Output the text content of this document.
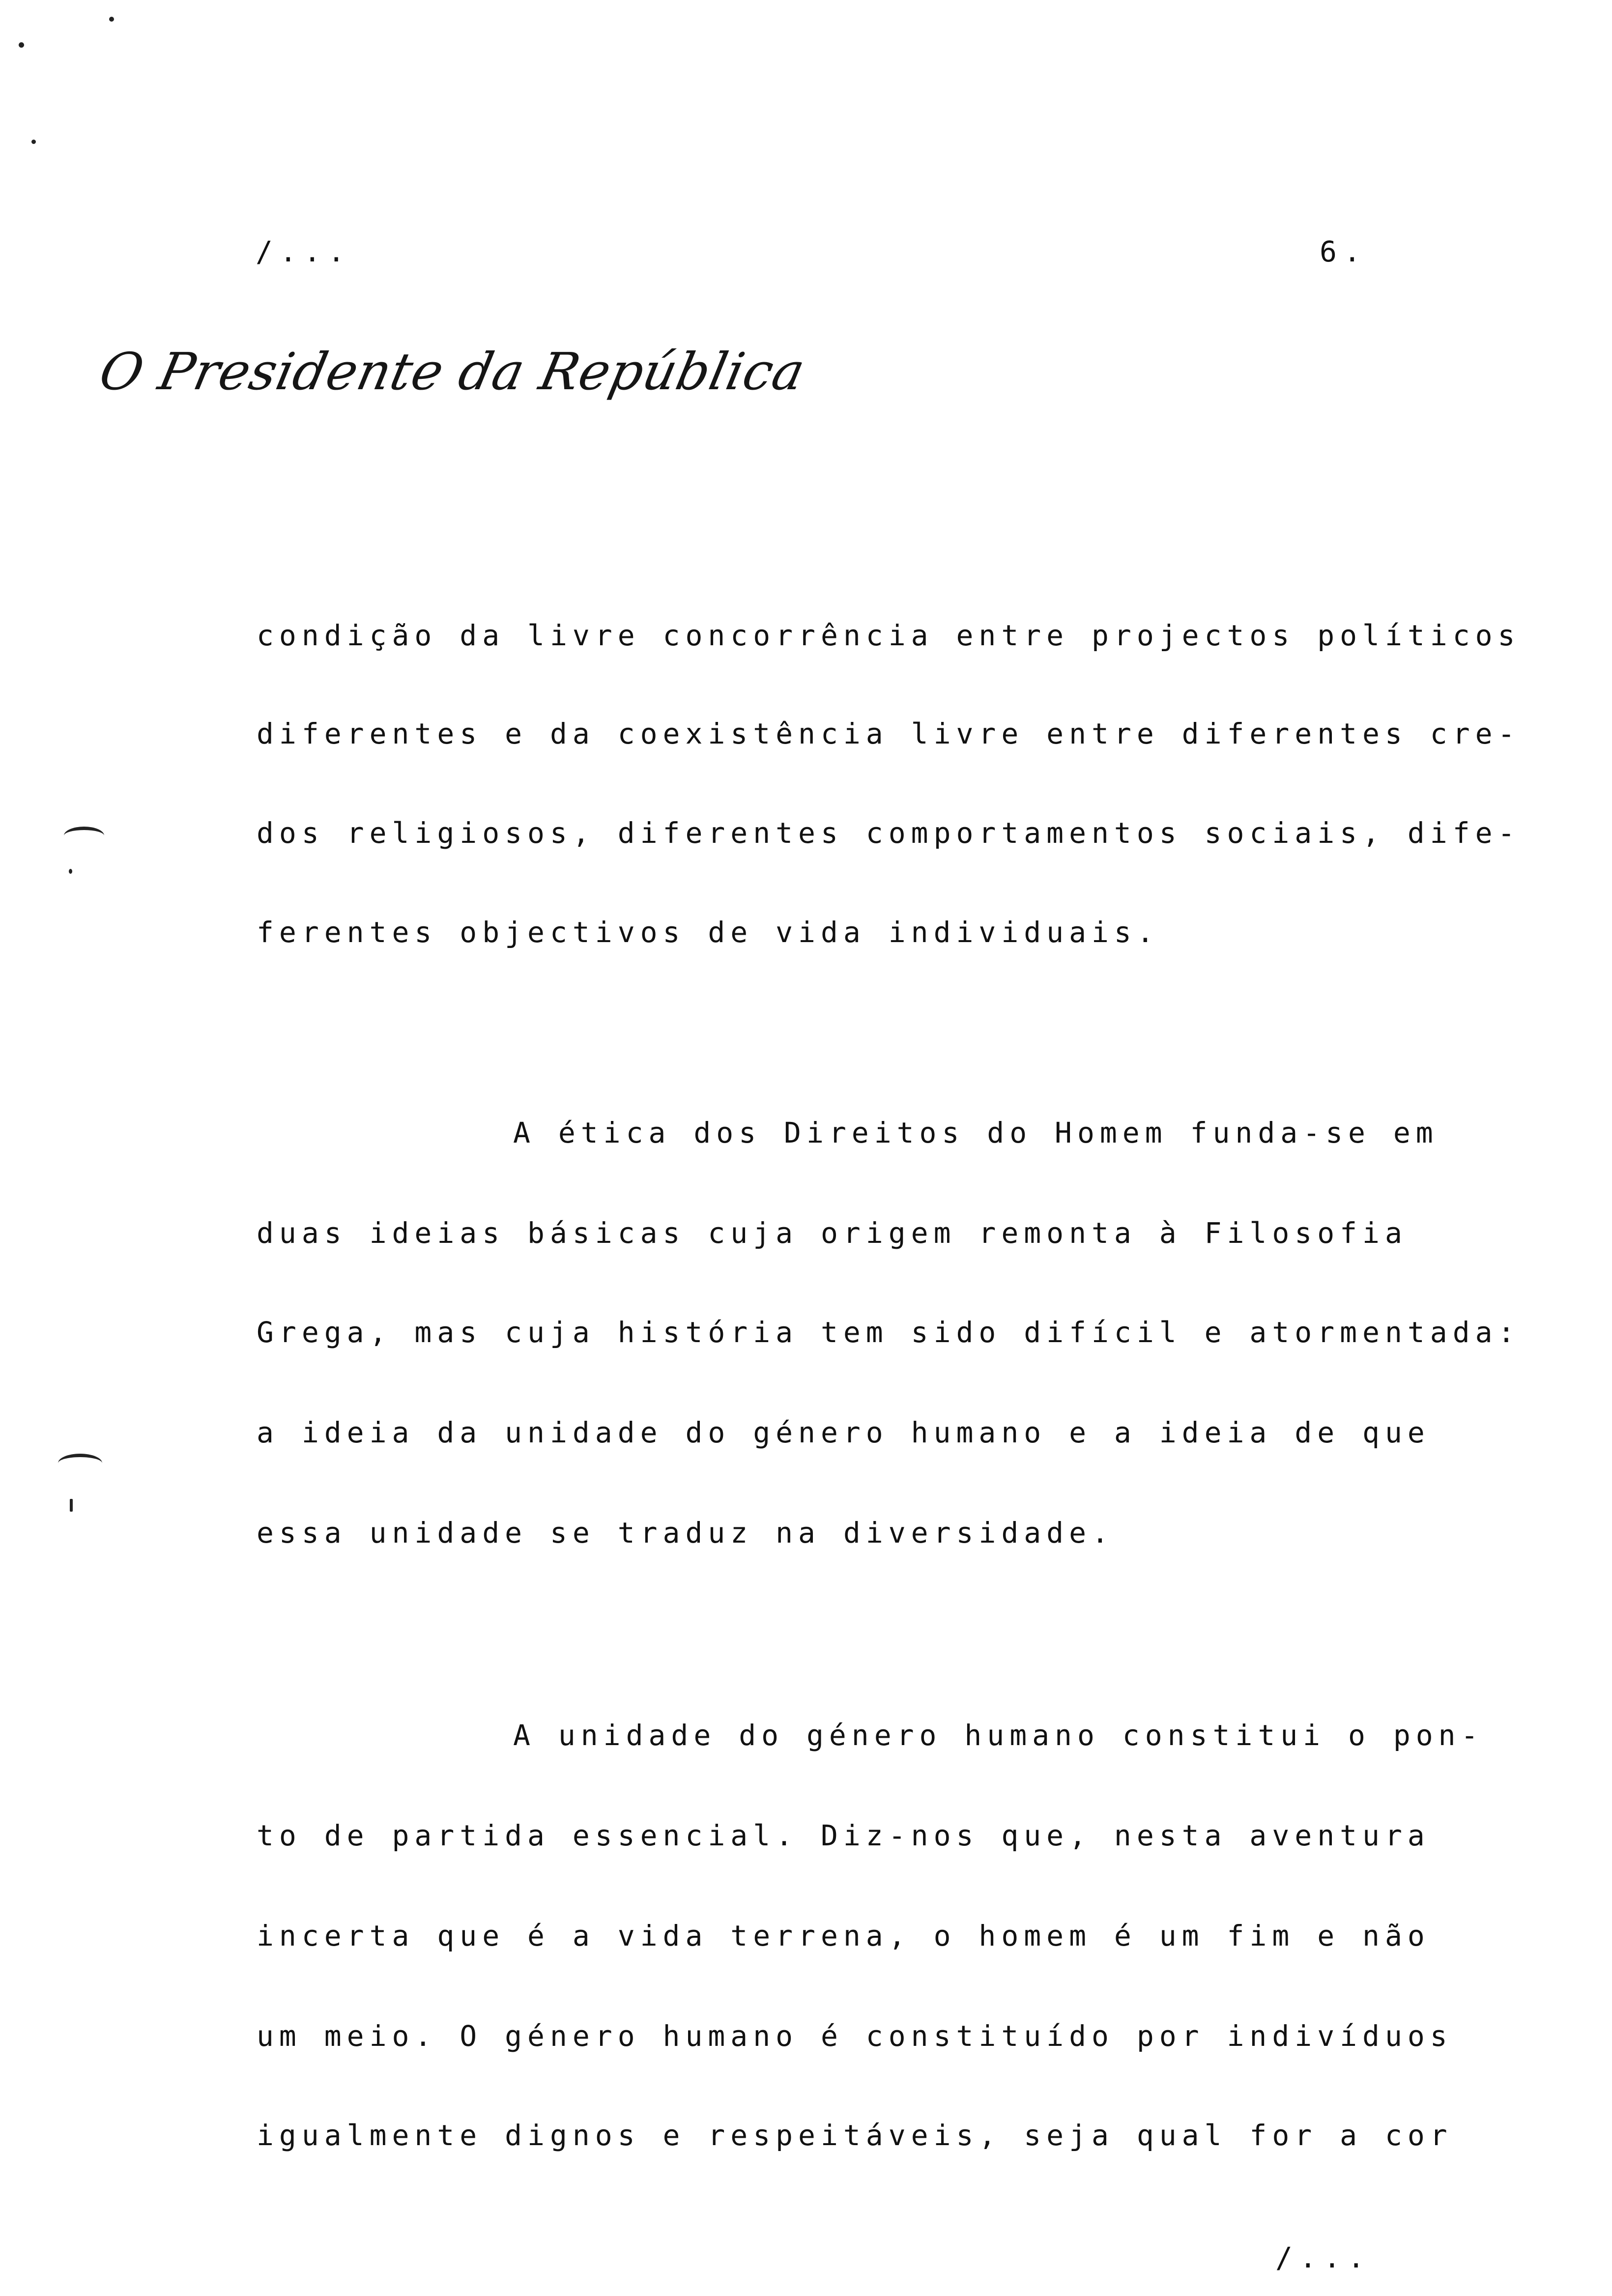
/...	6.
O Presidente da República
condição da livre concorrência entre projectos políticos
diferentes e da coexistência livre entre diferentes cre-
dos religiosos, diferentes comportamentos sociais, dife-
ferentes objectivos de vida individuais.
A ética dos Direitos do Homem funda-se em
duas ideias básicas cuja origem remonta à Filosofia
Grega, mas cuja história tem sido difícil e atormentada:
a ideia da unidade do género humano e a ideia de que
essa unidade se traduz na diversidade.
A unidade do género humano constitui o pon-
to de partida essencial. Diz-nos que, nesta aventura
incerta que é a vida terrena, o homem é um fim e não
um meio. O género humano é constituído por indivíduos
igualmente dignos e respeitáveis, seja qual for a cor
/...
